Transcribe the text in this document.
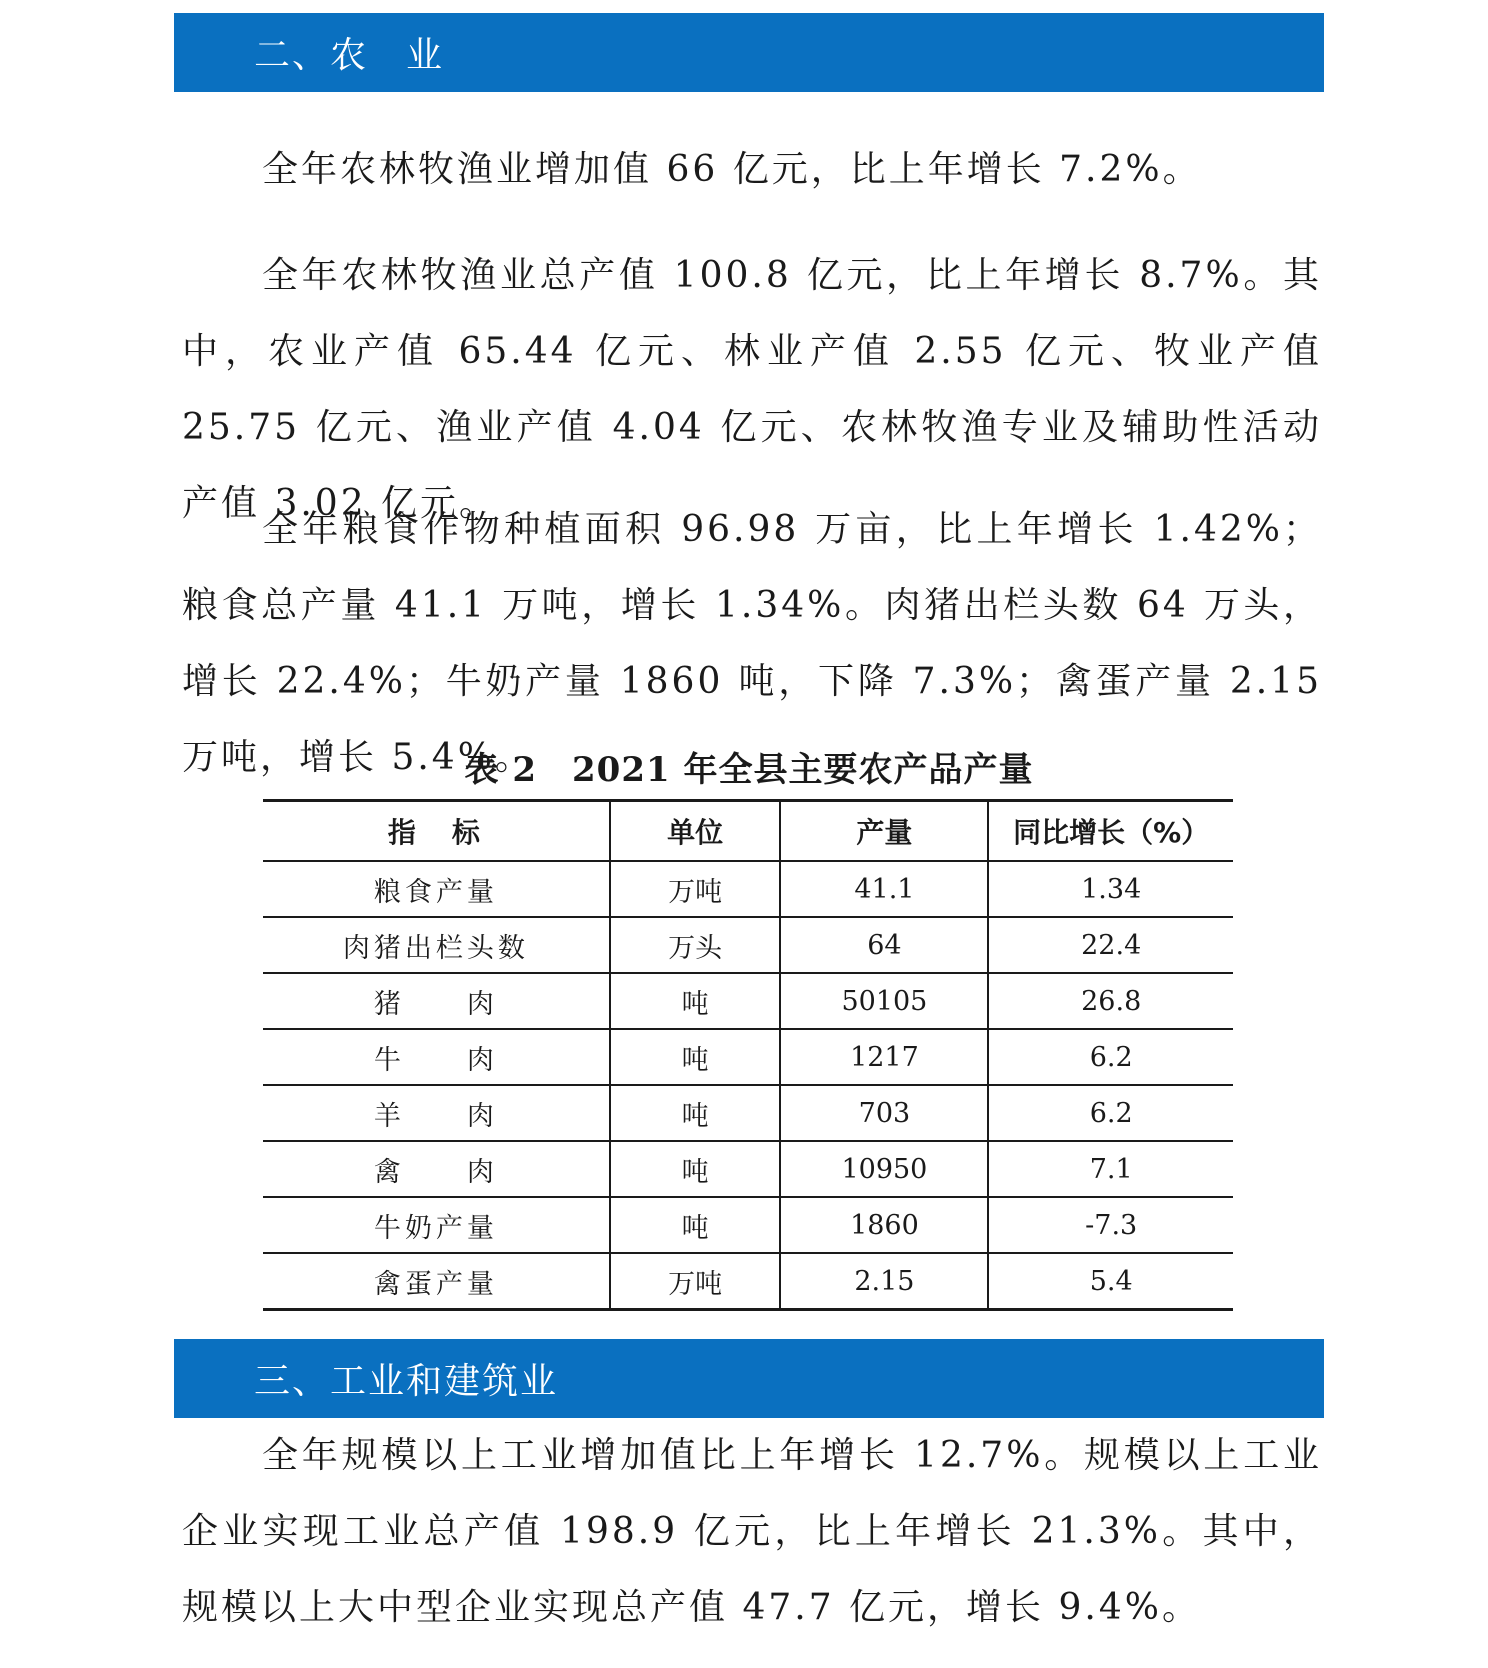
二、农　业

全年农林牧渔业增加值 66 亿元，比上年增长 7.2%。

全年农林牧渔业总产值 100.8 亿元，比上年增长 8.7%。其中，农业产值 65.44 亿元、林业产值 2.55 亿元、牧业产值 25.75 亿元、渔业产值 4.04 亿元、农林牧渔专业及辅助性活动产值 3.02 亿元。

全年粮食作物种植面积 96.98 万亩，比上年增长 1.42%；粮食总产量 41.1 万吨，增长 1.34%。肉猪出栏头数 64 万头，增长 22.4%；牛奶产量 1860 吨，下降 7.3%；禽蛋产量 2.15 万吨，增长 5.4%。

表 2　2021 年全县主要农产品产量
指　标	单位	产量	同比增长（%）
粮食产量	万吨	41.1	1.34
肉猪出栏头数	万头	64	22.4
猪　　肉	吨	50105	26.8
牛　　肉	吨	1217	6.2
羊　　肉	吨	703	6.2
禽　　肉	吨	10950	7.1
牛奶产量	吨	1860	-7.3
禽蛋产量	万吨	2.15	5.4
三、工业和建筑业

全年规模以上工业增加值比上年增长 12.7%。规模以上工业企业实现工业总产值 198.9 亿元，比上年增长 21.3%。其中，规模以上大中型企业实现总产值 47.7 亿元，增长 9.4%。
